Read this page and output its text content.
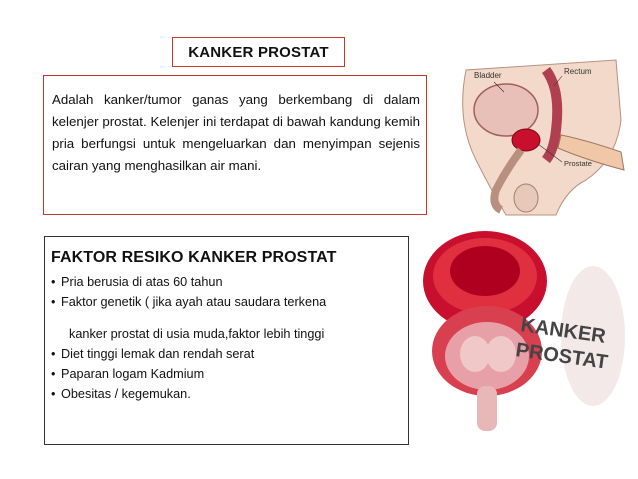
KANKER PROSTAT
Adalah kanker/tumor ganas yang berkembang di dalam kelenjer prostat. Kelenjer ini terdapat di bawah kandung kemih pria berfungsi untuk mengeluarkan dan menyimpan sejenis cairan yang menghasilkan air mani.
FAKTOR RESIKO KANKER PROSTAT
• Pria berusia di atas 60 tahun
• Faktor genetik ( jika ayah atau saudara terkena
kanker prostat di usia muda,faktor lebih tinggi
• Diet tinggi lemak dan rendah serat
• Paparan logam Kadmium
• Obesitas / kegemukan.
Bladder	Rectum
Prostate
KANKER
PROSTAT
